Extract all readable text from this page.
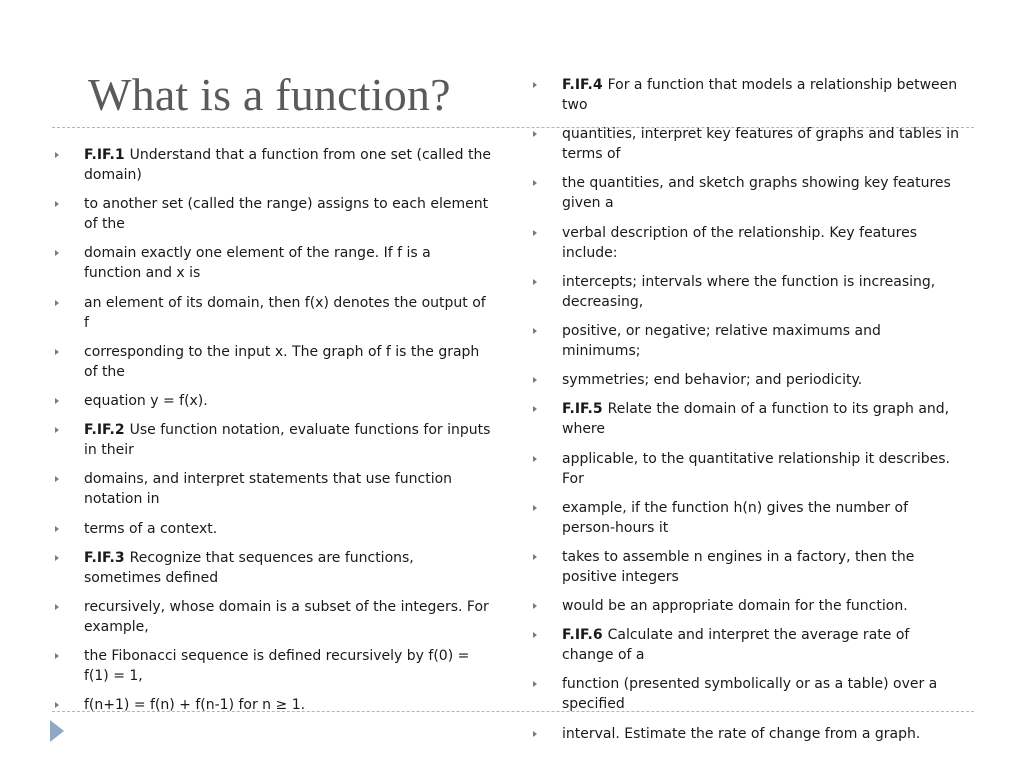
What is a function?
F.IF.1 Understand that a function from one set (called the domain)
to another set (called the range) assigns to each element of the
domain exactly one element of the range. If f is a function and x is
an element of its domain, then f(x) denotes the output of f
corresponding to the input x. The graph of f is the graph of the
equation y = f(x).
F.IF.2 Use function notation, evaluate functions for inputs in their
domains, and interpret statements that use function notation in
terms of a context.
F.IF.3 Recognize that sequences are functions, sometimes defined
recursively, whose domain is a subset of the integers. For example,
the Fibonacci sequence is defined recursively by f(0) = f(1) = 1,
f(n+1) = f(n) + f(n-1) for n ≥ 1.
F.IF.4 For a function that models a relationship between two
quantities, interpret key features of graphs and tables in terms of
the quantities, and sketch graphs showing key features given a
verbal description of the relationship. Key features include:
intercepts; intervals where the function is increasing, decreasing,
positive, or negative; relative maximums and minimums;
symmetries; end behavior; and periodicity.
F.IF.5 Relate the domain of a function to its graph and, where
applicable, to the quantitative relationship it describes. For
example, if the function h(n) gives the number of person-hours it
takes to assemble n engines in a factory, then the positive integers
would be an appropriate domain for the function.
F.IF.6 Calculate and interpret the average rate of change of a
function (presented symbolically or as a table) over a specified
interval. Estimate the rate of change from a graph.
